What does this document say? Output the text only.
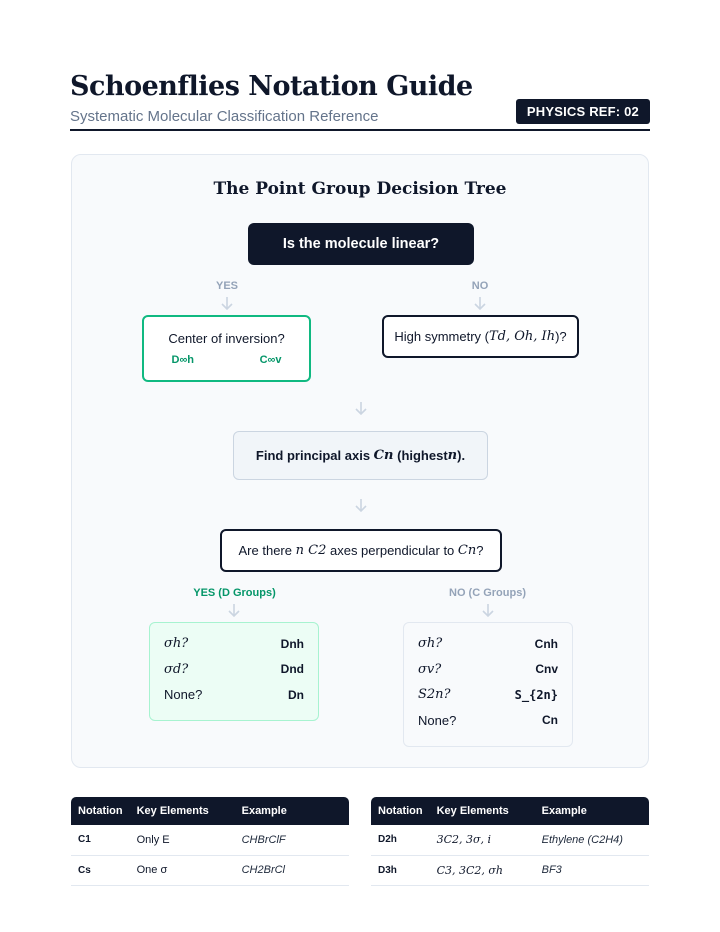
Schoenflies Notation Guide
Systematic Molecular Classification Reference	PHYSICS REF: 02
The Point Group Decision Tree
Is the molecule linear?
YES	NO
Center of inversion?
D∞h	C∞v
High symmetry ( Td, Oh, Ih )?
Find principal axis
Cn
(highest n ).
Are there
n C2
axes perpendicular to
Cn ?
YES (D Groups)	NO (C Groups)
σh?	Dnh
σd?	Dnd
None?	Dn
σh?	Cnh
σv?	Cnv
S2n?	S_{2n}
None?	Cn
Notation	Key Elements	Example
C1	Only E	CHBrClF
Cs	One σ	CH2BrCl
Notation	Key Elements	Example
D2h	3C2, 3σ, i	Ethylene (C2H4)
D3h	C3, 3C2, σh	BF3
